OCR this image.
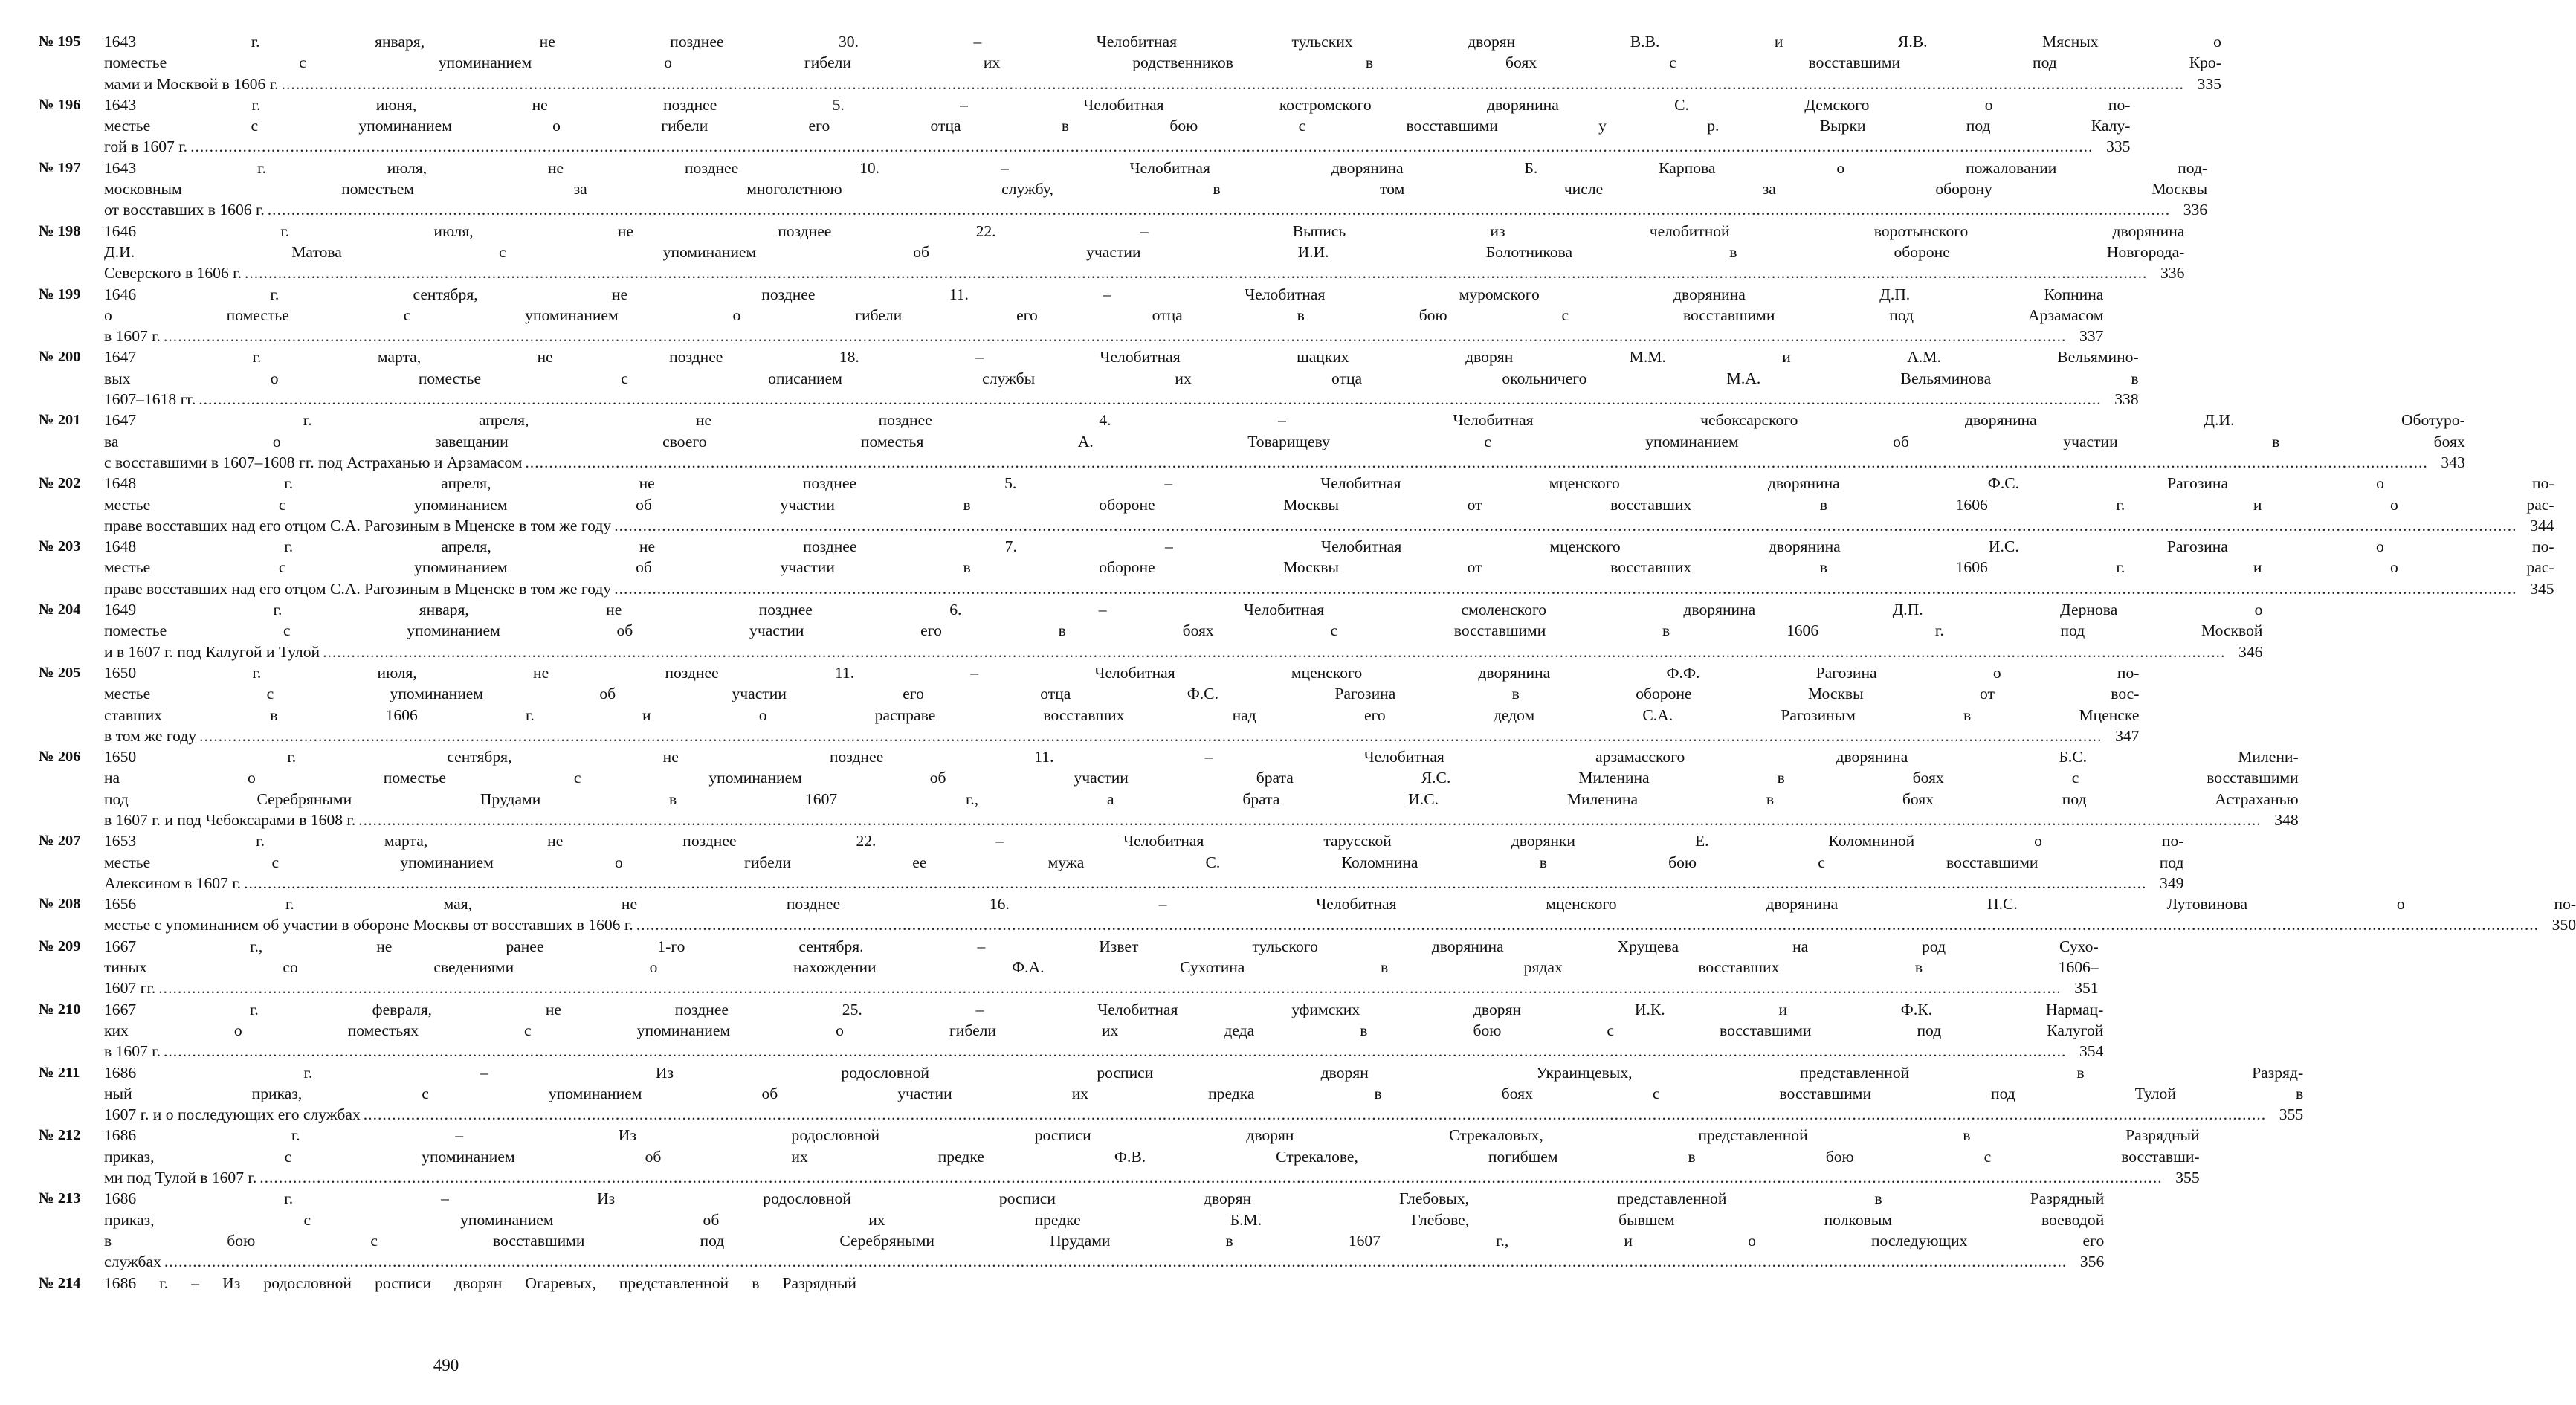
№ 195	1643 г. января, не позднее 30. – Челобитная тульских дворян В.В. и Я.В. Мясных о
поместье с упоминанием о гибели их родственников в боях с восставшими под Кро-
мами и Москвой в 1606 г. ................................................................................................................................................................................................................................................................................................................................................................................................................ 335
№ 196	1643 г. июня, не позднее 5. – Челобитная костромского дворянина С. Демского о по-
местье с упоминанием о гибели его отца в бою с восставшими у р. Вырки под Калу-
гой в 1607 г. ................................................................................................................................................................................................................................................................................................................................................................................................................ 335
№ 197	1643 г. июля, не позднее 10. – Челобитная дворянина Б. Карпова о пожаловании под-
московным поместьем за многолетнюю службу, в том числе за оборону Москвы
от восставших в 1606 г. ................................................................................................................................................................................................................................................................................................................................................................................................................ 336
№ 198	1646 г. июля, не позднее 22. – Выпись из челобитной воротынского дворянина
Д.И. Матова с упоминанием об участии И.И. Болотникова в обороне Новгорода-
Северского в 1606 г. ................................................................................................................................................................................................................................................................................................................................................................................................................ 336
№ 199	1646 г. сентября, не позднее 11. – Челобитная муромского дворянина Д.П. Копнина
о поместье с упоминанием о гибели его отца в бою с восставшими под Арзамасом
в 1607 г. ................................................................................................................................................................................................................................................................................................................................................................................................................ 337
№ 200	1647 г. марта, не позднее 18. – Челобитная шацких дворян М.М. и А.М. Вельямино-
вых о поместье с описанием службы их отца окольничего М.А. Вельяминова в
1607–1618 гг. ................................................................................................................................................................................................................................................................................................................................................................................................................ 338
№ 201	1647 г. апреля, не позднее 4. – Челобитная чебоксарского дворянина Д.И. Оботуро-
ва о завещании своего поместья А. Товарищеву с упоминанием об участии в боях
с восставшими в 1607–1608 гг. под Астраханью и Арзамасом ................................................................................................................................................................................................................................................................................................................................................................................................................ 343
№ 202	1648 г. апреля, не позднее 5. – Челобитная мценского дворянина Ф.С. Рагозина о по-
местье с упоминанием об участии в обороне Москвы от восставших в 1606 г. и о рас-
праве восставших над его отцом С.А. Рагозиным в Мценске в том же году ................................................................................................................................................................................................................................................................................................................................................................................................................ 344
№ 203	1648 г. апреля, не позднее 7. – Челобитная мценского дворянина И.С. Рагозина о по-
местье с упоминанием об участии в обороне Москвы от восставших в 1606 г. и о рас-
праве восставших над его отцом С.А. Рагозиным в Мценске в том же году ................................................................................................................................................................................................................................................................................................................................................................................................................ 345
№ 204	1649 г. января, не позднее 6. – Челобитная смоленского дворянина Д.П. Дернова о
поместье с упоминанием об участии его в боях с восставшими в 1606 г. под Москвой
и в 1607 г. под Калугой и Тулой ................................................................................................................................................................................................................................................................................................................................................................................................................ 346
№ 205	1650 г. июля, не позднее 11. – Челобитная мценского дворянина Ф.Ф. Рагозина о по-
местье с упоминанием об участии его отца Ф.С. Рагозина в обороне Москвы от вос-
ставших в 1606 г. и о расправе восставших над его дедом С.А. Рагозиным в Мценске
в том же году ................................................................................................................................................................................................................................................................................................................................................................................................................ 347
№ 206	1650 г. сентября, не позднее 11. – Челобитная арзамасского дворянина Б.С. Милени-
на о поместье с упоминанием об участии брата Я.С. Миленина в боях с восставшими
под Серебряными Прудами в 1607 г., а брата И.С. Миленина в боях под Астраханью
в 1607 г. и под Чебоксарами в 1608 г. ................................................................................................................................................................................................................................................................................................................................................................................................................ 348
№ 207	1653 г. марта, не позднее 22. – Челобитная тарусской дворянки Е. Коломниной о по-
местье с упоминанием о гибели ее мужа С. Коломнина в бою с восставшими под
Алексином в 1607 г. ................................................................................................................................................................................................................................................................................................................................................................................................................ 349
№ 208	1656 г. мая, не позднее 16. – Челобитная мценского дворянина П.С. Лутовинова о по-
местье с упоминанием об участии в обороне Москвы от восставших в 1606 г. ................................................................................................................................................................................................................................................................................................................................................................................................................ 350
№ 209	1667 г., не ранее 1-го сентября. – Извет тульского дворянина Хрущева на род Сухо-
тиных со сведениями о нахождении Ф.А. Сухотина в рядах восставших в 1606–
1607 гг. ................................................................................................................................................................................................................................................................................................................................................................................................................ 351
№ 210	1667 г. февраля, не позднее 25. – Челобитная уфимских дворян И.К. и Ф.К. Нармац-
ких о поместьях с упоминанием о гибели их деда в бою с восставшими под Калугой
в 1607 г. ................................................................................................................................................................................................................................................................................................................................................................................................................ 354
№ 211	1686 г. – Из родословной росписи дворян Украинцевых, представленной в Разряд-
ный приказ, с упоминанием об участии их предка в боях с восставшими под Тулой в
1607 г. и о последующих его службах ................................................................................................................................................................................................................................................................................................................................................................................................................ 355
№ 212	1686 г. – Из родословной росписи дворян Стрекаловых, представленной в Разрядный
приказ, с упоминанием об их предке Ф.В. Стрекалове, погибшем в бою с восставши-
ми под Тулой в 1607 г. ................................................................................................................................................................................................................................................................................................................................................................................................................ 355
№ 213	1686 г. – Из родословной росписи дворян Глебовых, представленной в Разрядный
приказ, с упоминанием об их предке Б.М. Глебове, бывшем полковым воеводой
в бою с восставшими под Серебряными Прудами в 1607 г., и о последующих его
службах ................................................................................................................................................................................................................................................................................................................................................................................................................ 356
№ 214	1686 г. – Из родословной росписи дворян Огаревых, представленной в Разрядный
490
